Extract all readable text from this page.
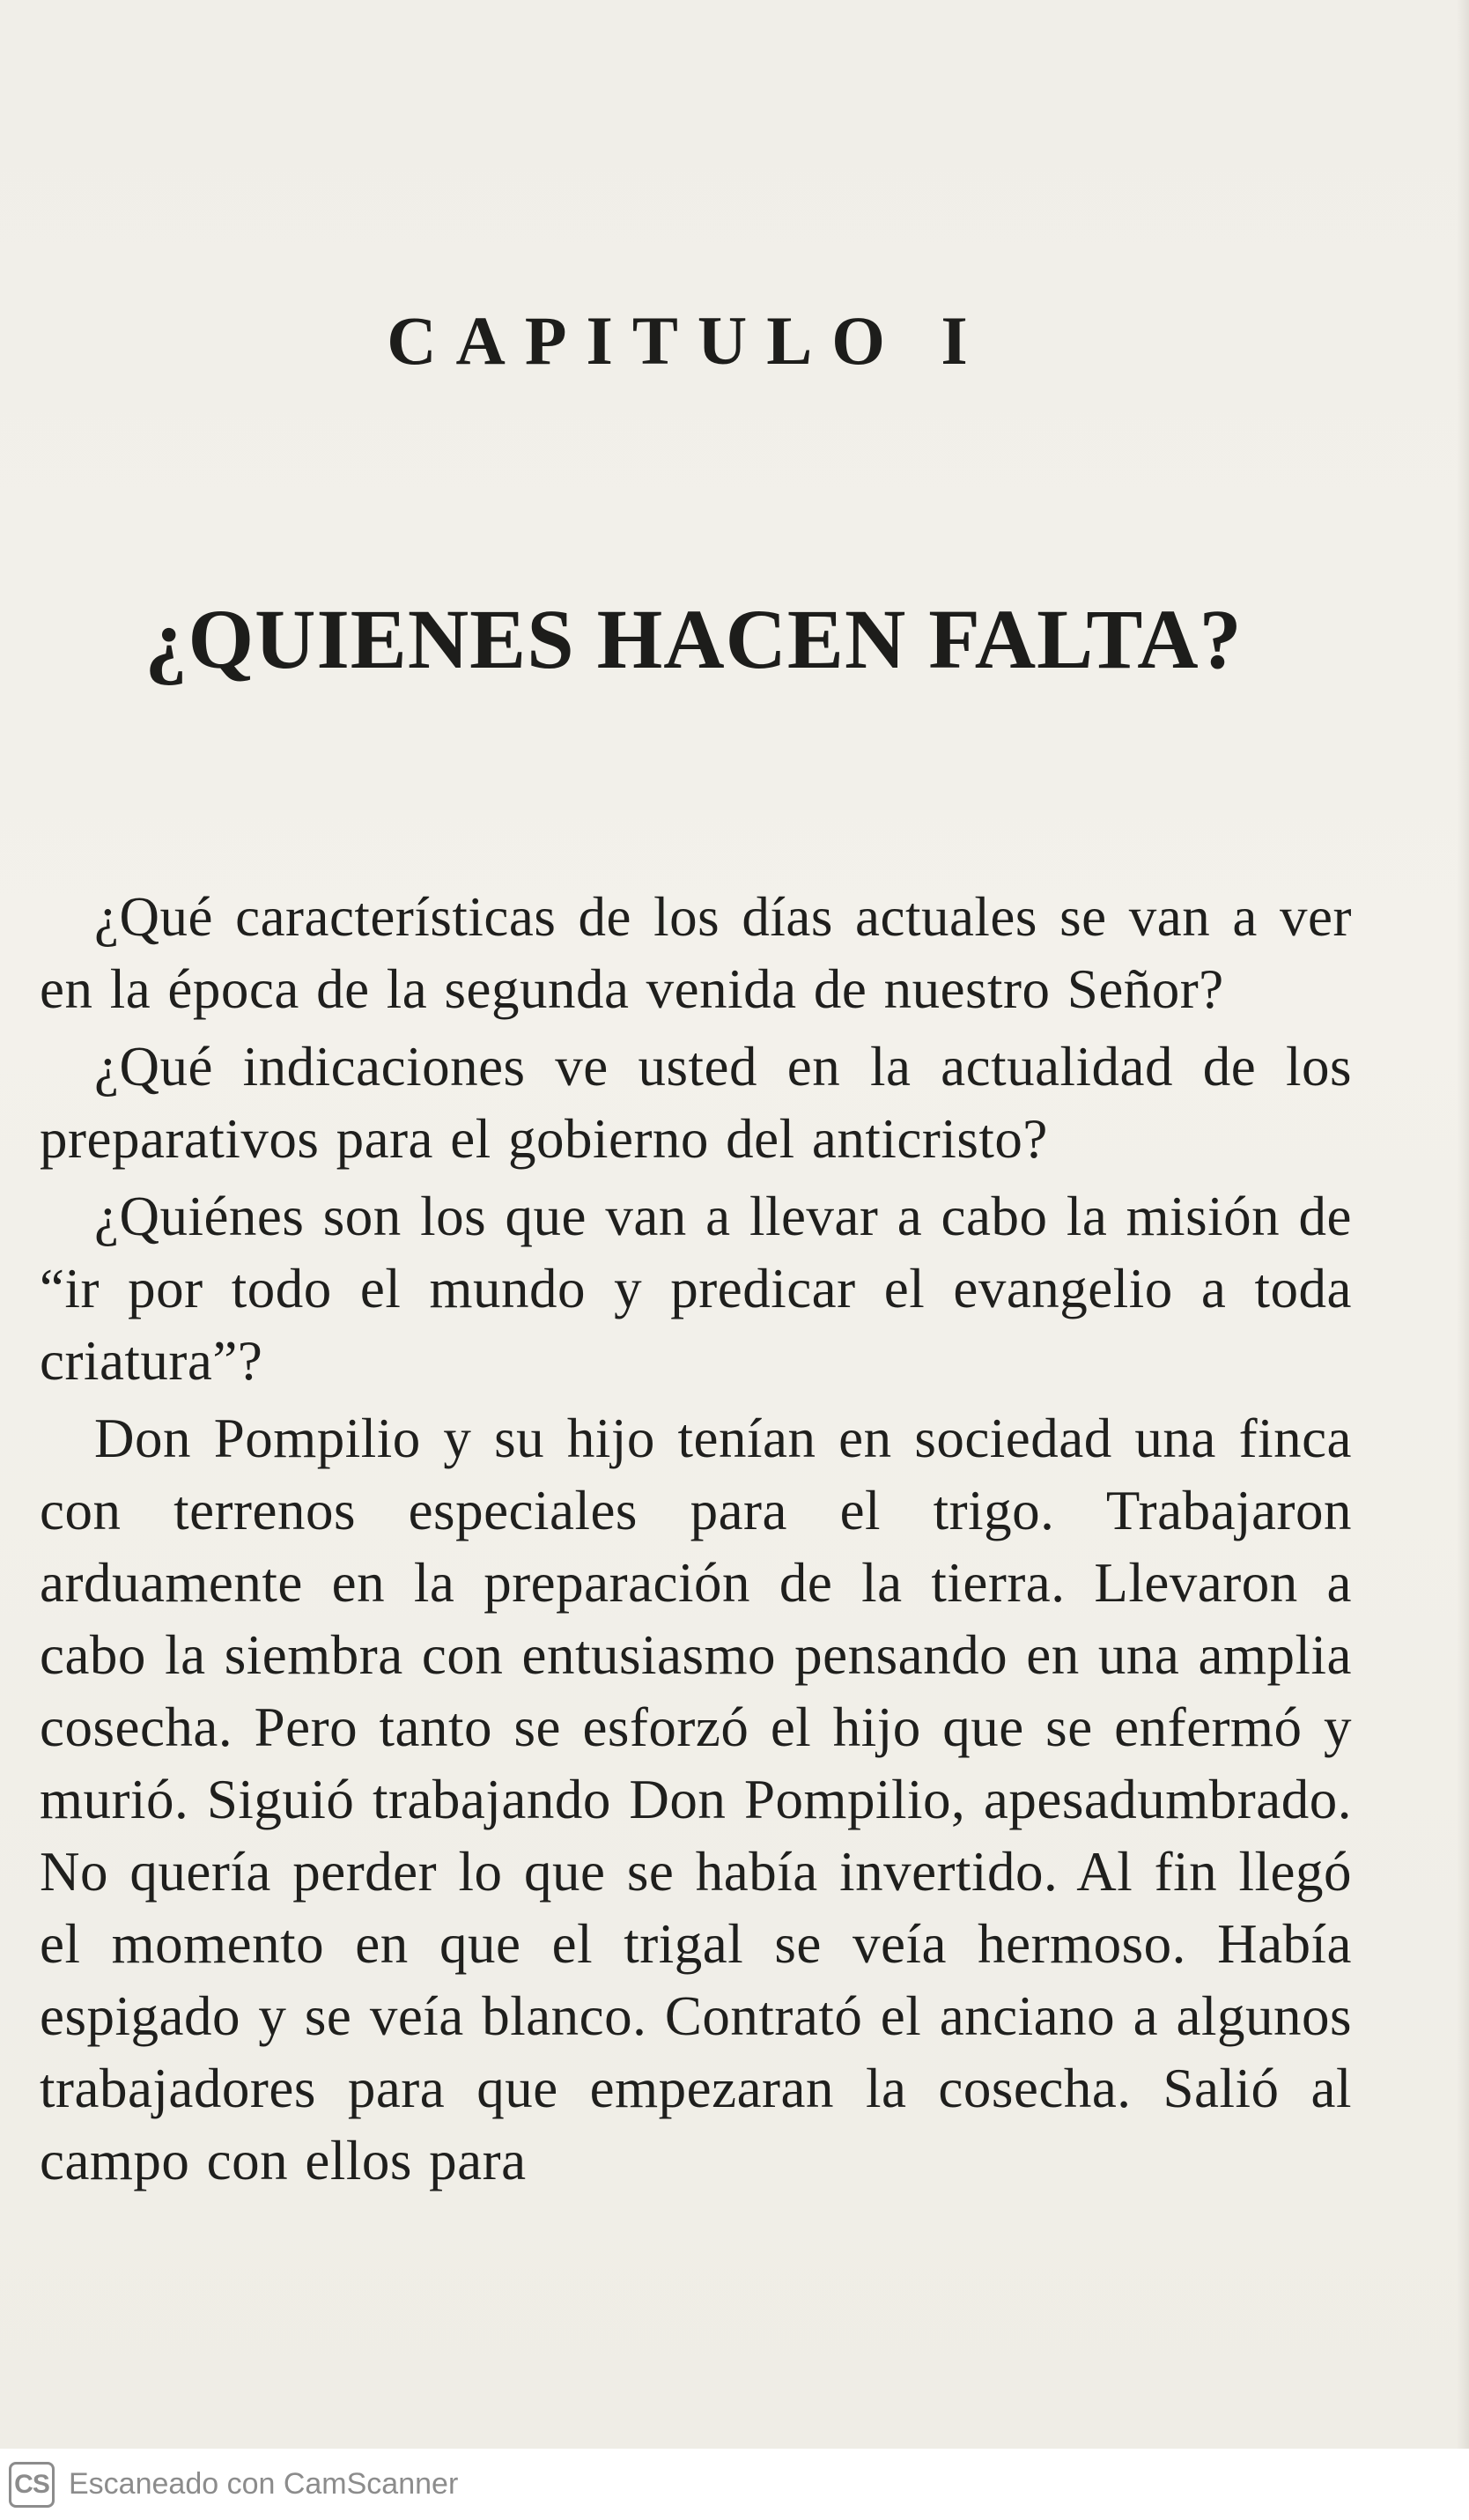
CAPITULO I
¿QUIENES HACEN FALTA?

¿Qué características de los días actuales se van a ver en la época de la segunda venida de nuestro Señor?

¿Qué indicaciones ve usted en la actualidad de los preparativos para el gobierno del anticristo?

¿Quiénes son los que van a llevar a cabo la misión de “ir por todo el mundo y predicar el evangelio a toda criatura”?

Don Pompilio y su hijo tenían en sociedad una finca con terrenos especiales para el trigo. Trabajaron arduamente en la preparación de la tierra. Llevaron a cabo la siembra con entusiasmo pensando en una amplia cosecha. Pero tanto se esforzó el hijo que se enfermó y murió. Siguió trabajando Don Pompilio, apesadumbrado. No quería perder lo que se había invertido. Al fin llegó el momento en que el trigal se veía hermoso. Había espigado y se veía blanco. Contrató el anciano a algunos trabajadores para que empezaran la cosecha. Salió al campo con ellos para

CS Escaneado con CamScanner
